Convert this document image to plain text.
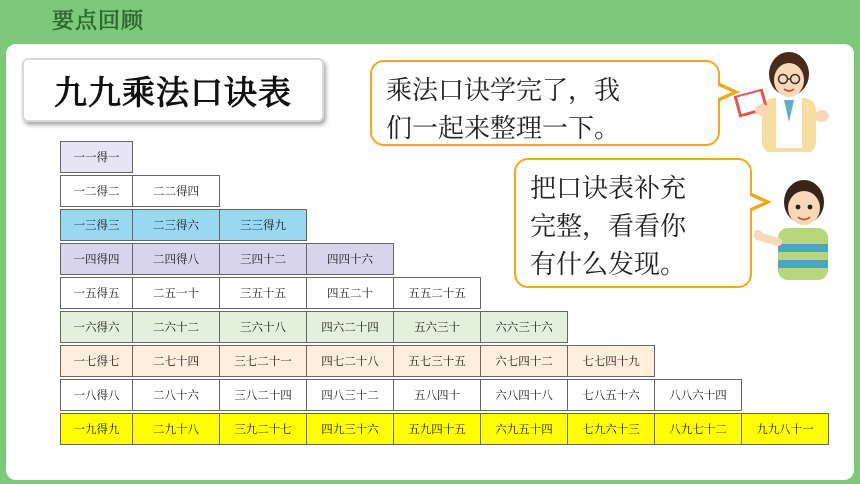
要点回顾
九九乘法口诀表	乘法口诀学完了，我
们一起来整理一下。
把口诀表补充
完整，看看你
有什么发现。
一一得一
一二得二	二二得四
一三得三	二三得六	三三得九
一四得四	二四得八	三四十二	四四十六
一五得五	二五一十	三五十五	四五二十	五五二十五
一六得六	二六十二	三六十八	四六二十四	五六三十	六六三十六
一七得七	二七十四	三七二十一	四七二十八	五七三十五	六七四十二	七七四十九
一八得八	二八十六	三八二十四	四八三十二	五八四十	六八四十八	七八五十六	八八六十四
一九得九	二九十八	三九二十七	四九三十六	五九四十五	六九五十四	七九六十三	八九七十二	九九八十一
